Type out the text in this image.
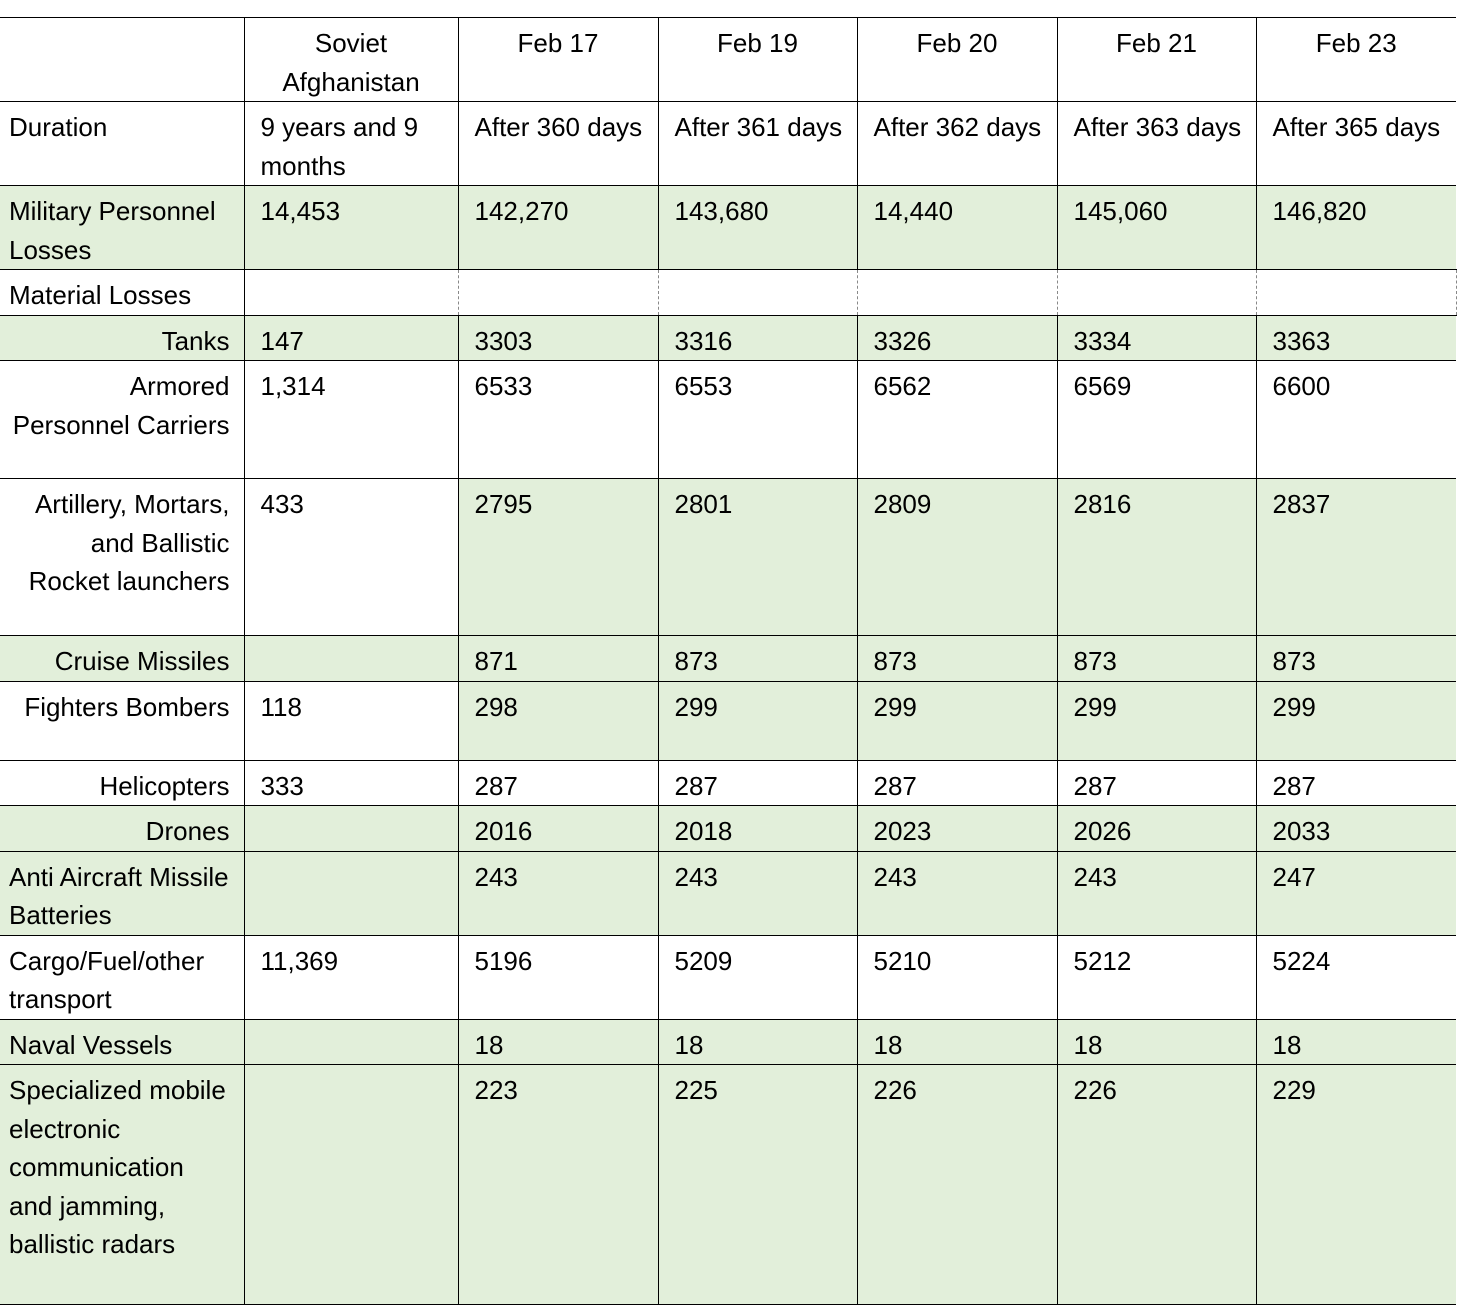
	Soviet Afghanistan	Feb 17	Feb 19	Feb 20	Feb 21	Feb 23
Duration	9 years and 9 months	After 360 days	After 361 days	After 362 days	After 363 days	After 365 days
Military Personnel Losses	14,453	142,270	143,680	14,440	145,060	146,820
Material Losses						
Tanks	147	3303	3316	3326	3334	3363
Armored Personnel Carriers	1,314	6533	6553	6562	6569	6600
Artillery, Mortars, and Ballistic Rocket launchers	433	2795	2801	2809	2816	2837
Cruise Missiles		871	873	873	873	873
Fighters Bombers	118	298	299	299	299	299
Helicopters	333	287	287	287	287	287
Drones		2016	2018	2023	2026	2033
Anti Aircraft Missile Batteries		243	243	243	243	247
Cargo/Fuel/other transport	11,369	5196	5209	5210	5212	5224
Naval Vessels		18	18	18	18	18
Specialized mobile electronic communication and jamming, ballistic radars		223	225	226	226	229
